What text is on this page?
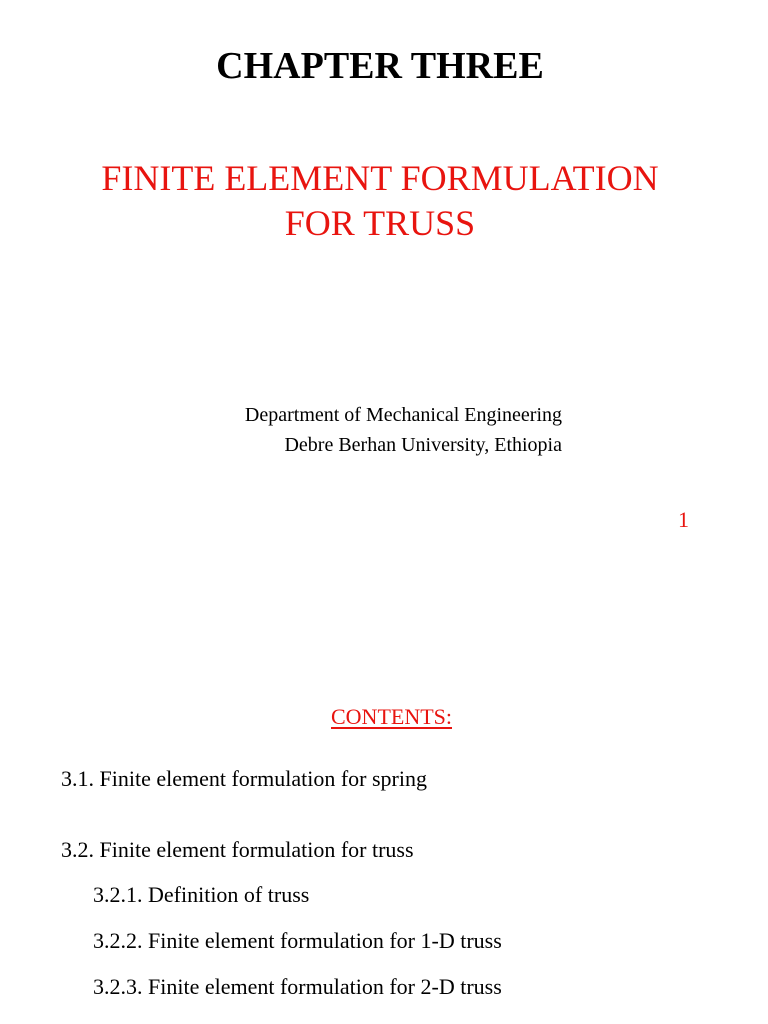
CHAPTER THREE
FINITE ELEMENT FORMULATION
FOR TRUSS
Department of Mechanical Engineering
Debre Berhan University, Ethiopia
1
CONTENTS:
3.1. Finite element formulation for spring
3.2. Finite element formulation for truss
3.2.1. Definition of truss
3.2.2. Finite element formulation for 1-D truss
3.2.3. Finite element formulation for 2-D truss
